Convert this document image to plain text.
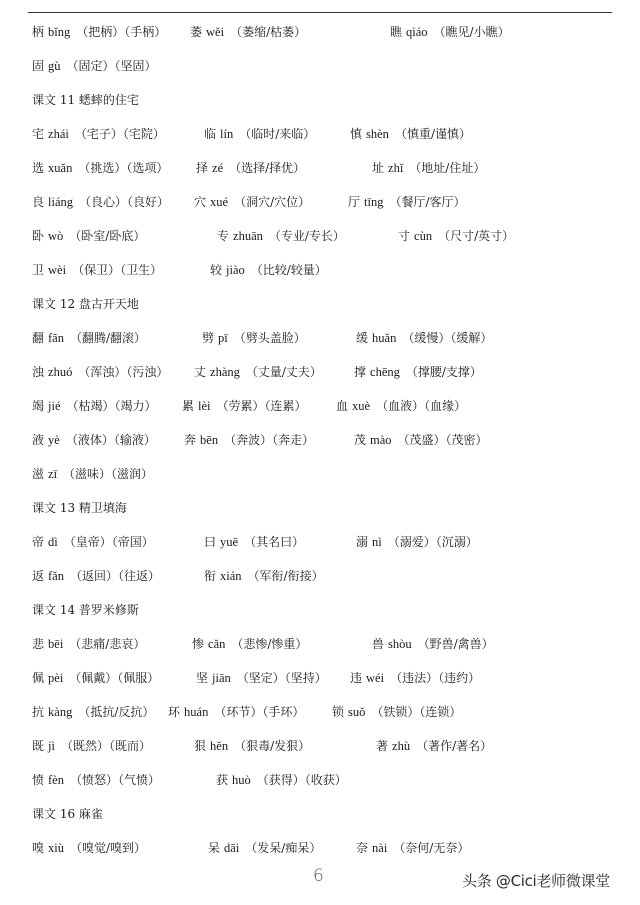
柄 bǐng （把柄）（手柄） 萎 wěi （萎缩/枯萎）	瞧 qiáo （瞧见/小瞧）
固 gù （固定）（坚固）
课文 11 蟋蟀的住宅
宅 zhái （宅子）（宅院）	临 lín （临时/来临）	慎 shèn （慎重/谨慎）
选 xuǎn （挑选）（选项） 择 zé （选择/择优）	址 zhǐ （地址/住址）
良 liáng （良心）（良好） 穴 xué （洞穴/穴位）	厅 tīng （餐厅/客厅）
卧 wò （卧室/卧底）	专 zhuān （专业/专长）	寸 cùn （尺寸/英寸）
卫 wèi （保卫）（卫生）	较 jiào （比较/较量）
课文 12 盘古开天地
翻 fān （翻腾/翻滚）	劈 pī （劈头盖脸）	缓 huǎn （缓慢）（缓解）
浊 zhuó （浑浊）（污浊） 丈 zhàng （丈量/丈夫）	撑 chēng （撑腰/支撑）
竭 jié （枯竭）（竭力） 累 lèi （劳累）（连累） 血 xuè （血液）（血缘）
液 yè （液体）（输液） 奔 bēn （奔波）（奔走）	茂 mào （茂盛）（茂密）
滋 zī （滋味）（滋润）
课文 13 精卫填海
帝 dì （皇帝）（帝国）	曰 yuē （其名曰）	溺 nì （溺爱）（沉溺）
返 fǎn （返回）（往返）	衔 xián （军衔/衔接）
课文 14 普罗米修斯
悲 bēi （悲痛/悲哀）	惨 cǎn （悲惨/惨重）	兽 shòu （野兽/禽兽）
佩 pèi （佩戴）（佩服）	坚 jiān （坚定）（坚持） 违 wéi （违法）（违约）
抗 kàng （抵抗/反抗） 环 huán （环节）（手环） 锁 suǒ （铁锁）（连锁）
既 jì （既然）（既而）	狠 hěn （狠毒/发狠）	著 zhù （著作/著名）
愤 fèn （愤怒）（气愤）	获 huò （获得）（收获）
课文 16 麻雀
嗅 xiù （嗅觉/嗅到）	呆 dāi （发呆/痴呆）	奈 nài （奈何/无奈）
6	头条 @Cici老师微课堂
